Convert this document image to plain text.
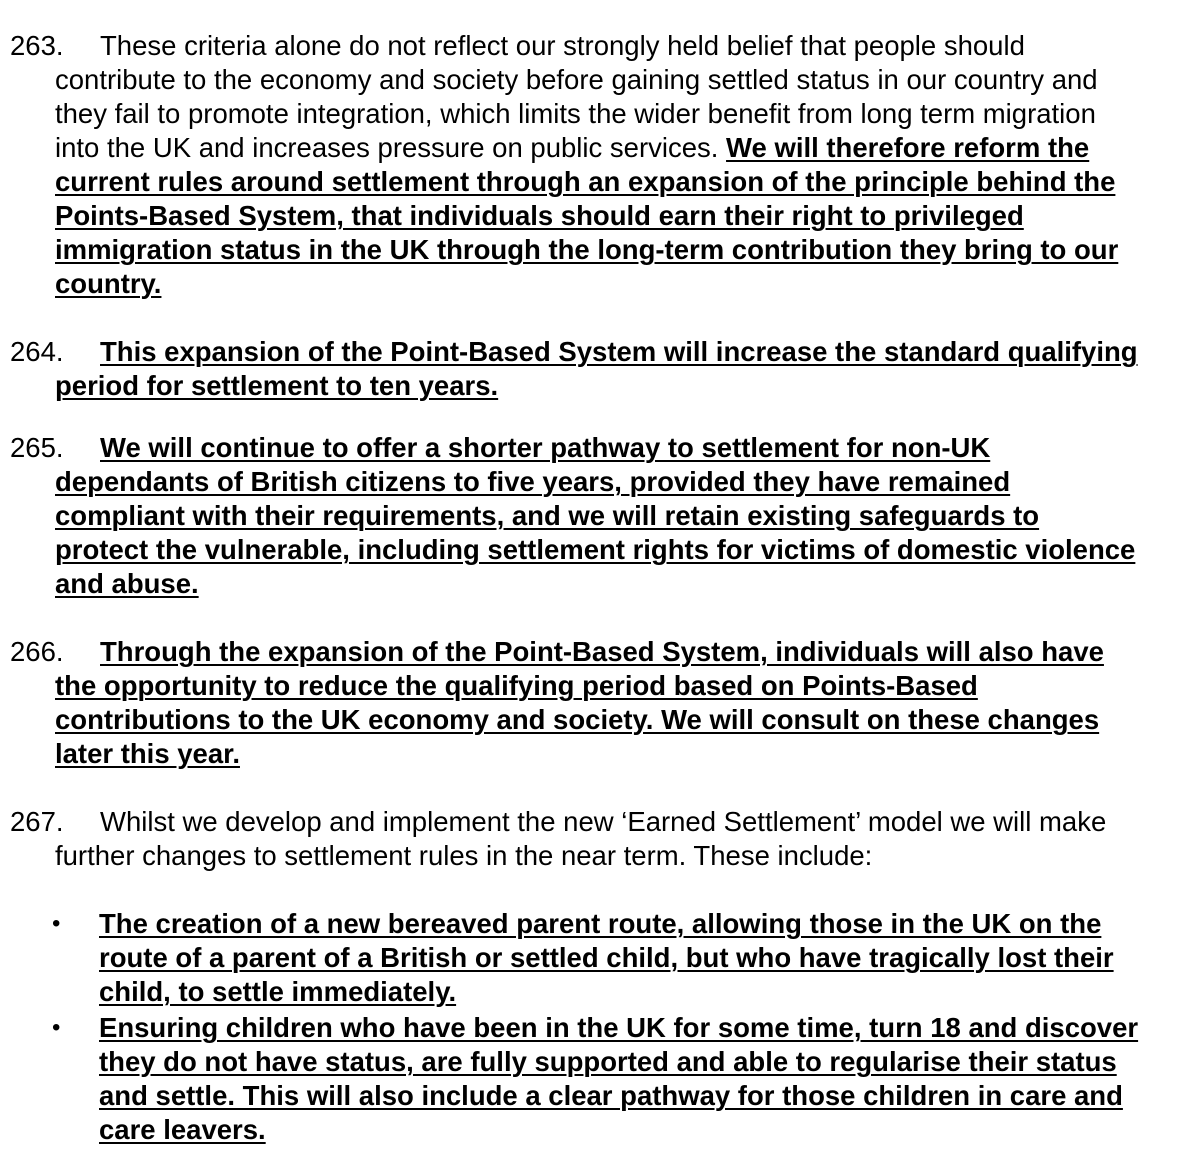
263. These criteria alone do not reflect our strongly held belief that people should contribute to the economy and society before gaining settled status in our country and they fail to promote integration, which limits the wider benefit from long term migration into the UK and increases pressure on public services. We will therefore reform the current rules around settlement through an expansion of the principle behind the Points-Based System, that individuals should earn their right to privileged immigration status in the UK through the long-term contribution they bring to our country.

264. This expansion of the Point-Based System will increase the standard qualifying period for settlement to ten years.

265. We will continue to offer a shorter pathway to settlement for non-UK dependants of British citizens to five years, provided they have remained compliant with their requirements, and we will retain existing safeguards to protect the vulnerable, including settlement rights for victims of domestic violence and abuse.

266. Through the expansion of the Point-Based System, individuals will also have the opportunity to reduce the qualifying period based on Points-Based contributions to the UK economy and society. We will consult on these changes later this year.

267. Whilst we develop and implement the new ‘Earned Settlement’ model we will make further changes to settlement rules in the near term. These include:

• The creation of a new bereaved parent route, allowing those in the UK on the route of a parent of a British or settled child, but who have tragically lost their child, to settle immediately.
• Ensuring children who have been in the UK for some time, turn 18 and discover they do not have status, are fully supported and able to regularise their status and settle. This will also include a clear pathway for those children in care and care leavers.
